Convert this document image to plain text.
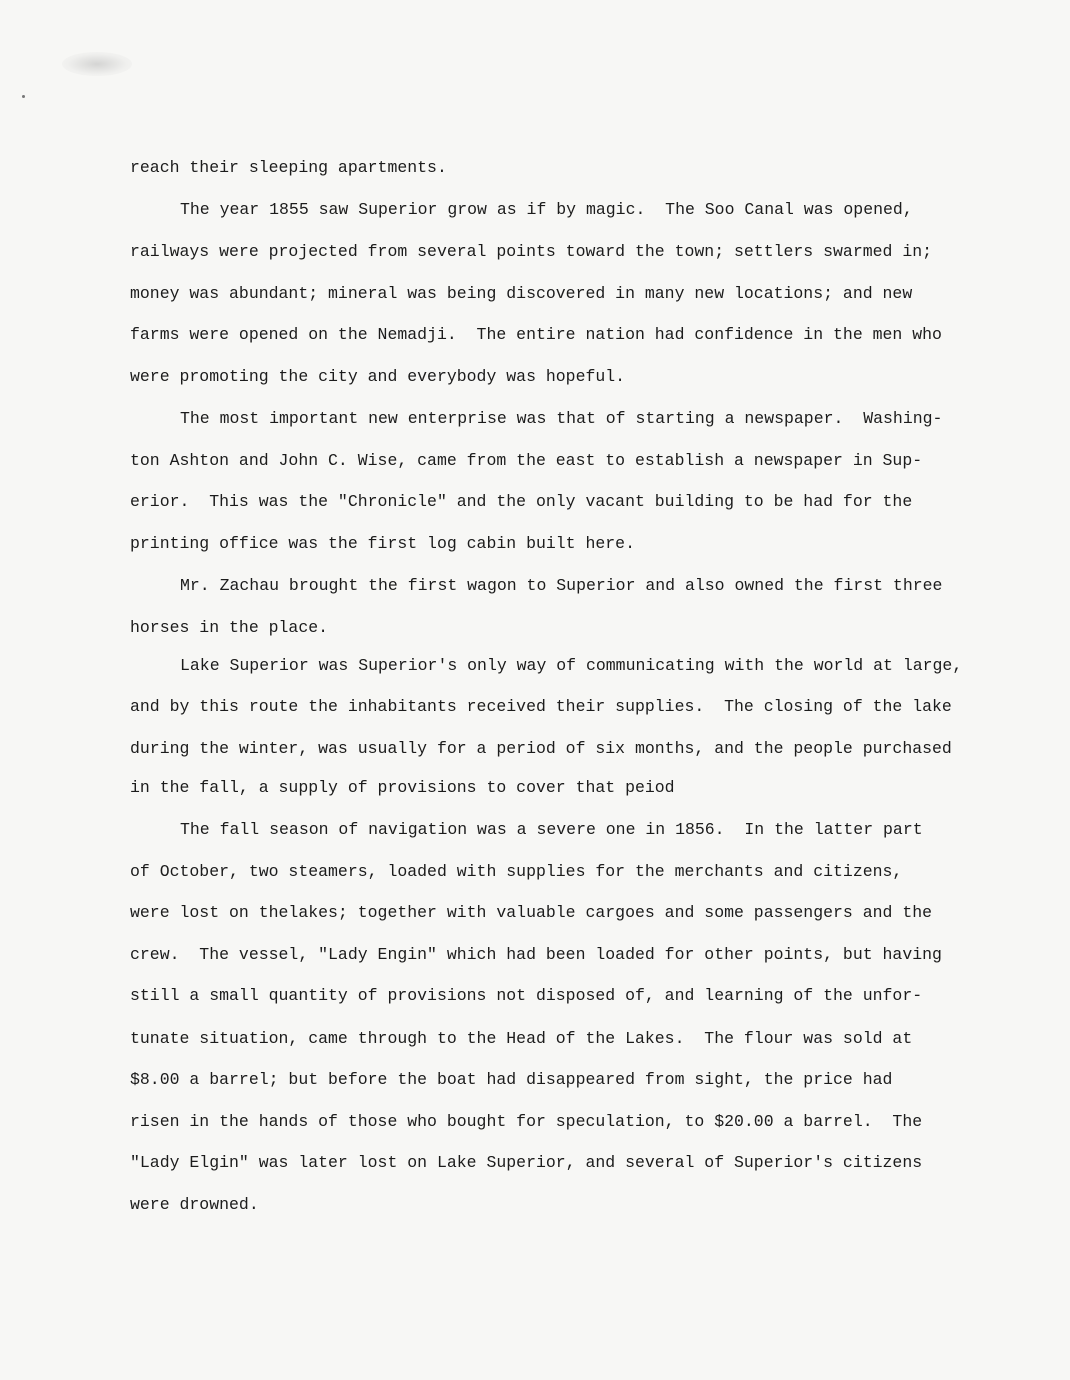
reach their sleeping apartments.
The year 1855 saw Superior grow as if by magic.  The Soo Canal was opened,
railways were projected from several points toward the town; settlers swarmed in;
money was abundant; mineral was being discovered in many new locations; and new
farms were opened on the Nemadji.  The entire nation had confidence in the men who
were promoting the city and everybody was hopeful.
The most important new enterprise was that of starting a newspaper.  Washing-
ton Ashton and John C. Wise, came from the east to establish a newspaper in Sup-
erior.  This was the "Chronicle" and the only vacant building to be had for the
printing office was the first log cabin built here.
Mr. Zachau brought the first wagon to Superior and also owned the first three
horses in the place.
Lake Superior was Superior's only way of communicating with the world at large,
and by this route the inhabitants received their supplies.  The closing of the lake
during the winter, was usually for a period of six months, and the people purchased
in the fall, a supply of provisions to cover that peiod
The fall season of navigation was a severe one in 1856.  In the latter part
of October, two steamers, loaded with supplies for the merchants and citizens,
were lost on thelakes; together with valuable cargoes and some passengers and the
crew.  The vessel, "Lady Engin" which had been loaded for other points, but having
still a small quantity of provisions not disposed of, and learning of the unfor-
tunate situation, came through to the Head of the Lakes.  The flour was sold at
$8.00 a barrel; but before the boat had disappeared from sight, the price had
risen in the hands of those who bought for speculation, to $20.00 a barrel.  The
"Lady Elgin" was later lost on Lake Superior, and several of Superior's citizens
were drowned.
